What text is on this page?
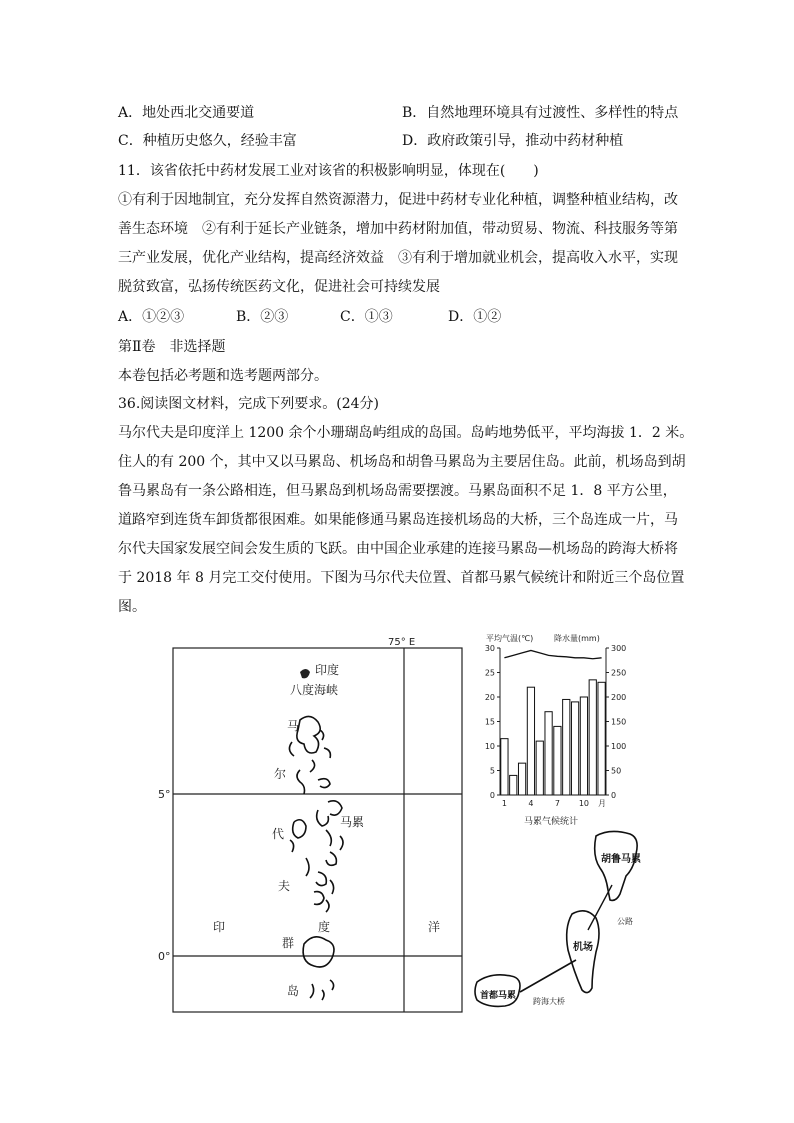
A．地处西北交通要道	B．自然地理环境具有过渡性、多样性的特点
C．种植历史悠久，经验丰富	D．政府政策引导，推动中药材种植
11．该省依托中药材发展工业对该省的积极影响明显，体现在(　　)
①有利于因地制宜，充分发挥自然资源潜力，促进中药材专业化种植，调整种植业结构，改
善生态环境　②有利于延长产业链条，增加中药材附加值，带动贸易、物流、科技服务等第
三产业发展，优化产业结构，提高经济效益　③有利于增加就业机会，提高收入水平，实现
脱贫致富，弘扬传统医药文化，促进社会可持续发展
A．①②③	B．②③	C．①③	D．①②
第Ⅱ卷　非选择题
本卷包括必考题和选考题两部分。
36.阅读图文材料，完成下列要求。(24分)
马尔代夫是印度洋上 1200 余个小珊瑚岛屿组成的岛国。岛屿地势低平，平均海拔 1．2 米。
住人的有 200 个，其中又以马累岛、机场岛和胡鲁马累岛为主要居住岛。此前，机场岛到胡
鲁马累岛有一条公路相连，但马累岛到机场岛需要摆渡。马累岛面积不足 1．8 平方公里，
道路窄到连货车卸货都很困难。如果能修通马累岛连接机场岛的大桥，三个岛连成一片，马
尔代夫国家发展空间会发生质的飞跃。由中国企业承建的连接马累岛—机场岛的跨海大桥将
于 2018 年 8 月完工交付使用。下图为马尔代夫位置、首都马累气候统计和附近三个岛位置
图。
75° E
5°
0°
印度
八度海峡
马
尔
代
夫
马累
印	度	洋
群
岛
平均气温(℃)	降水量(mm)
30
25
20
15
10
5
0
300
250
200
150
100
50
0
1	4	7 10 月
马累气候统计
胡鲁马累
机场
首都马累
公路
跨海大桥
